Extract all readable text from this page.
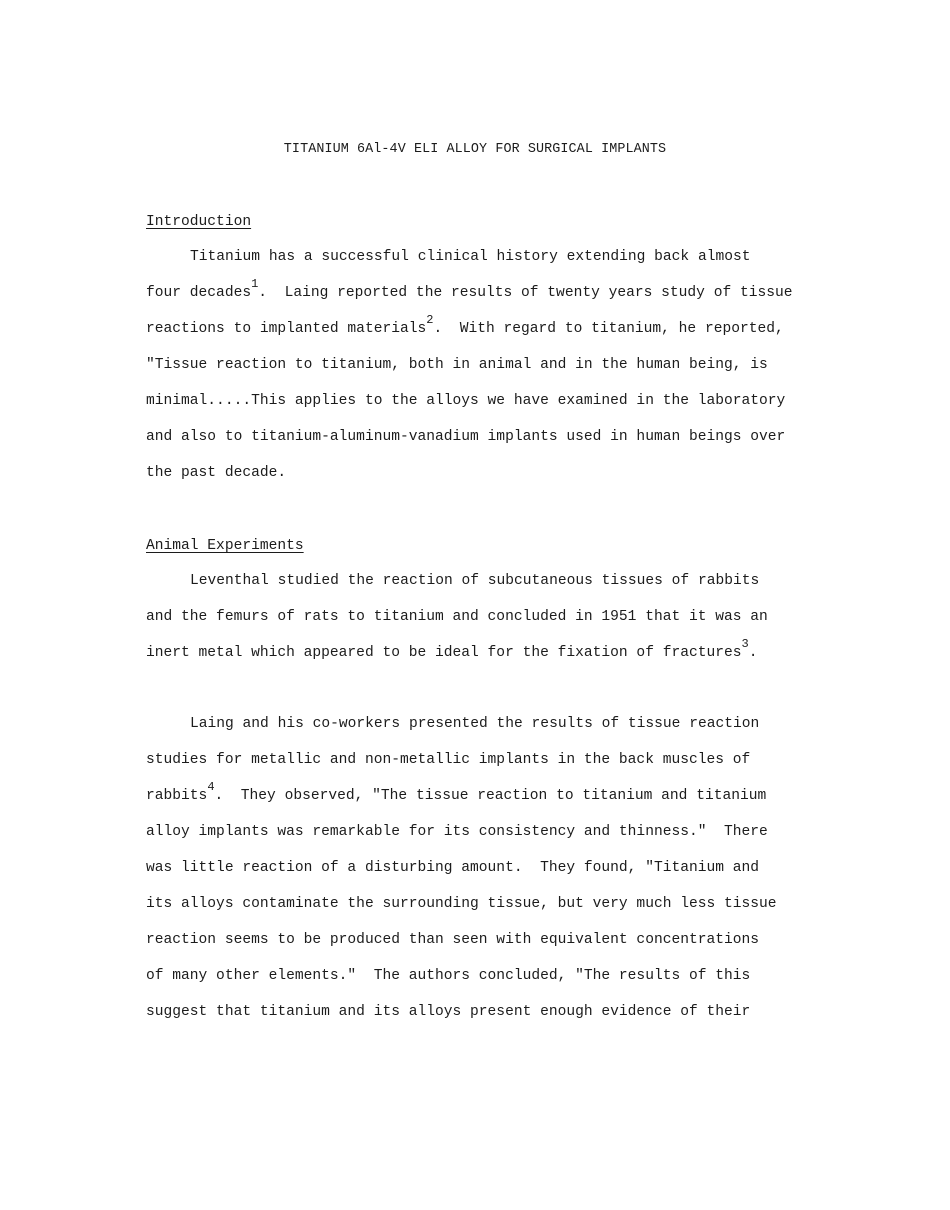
TITANIUM 6Al-4V ELI ALLOY FOR SURGICAL IMPLANTS
Introduction
Titanium has a successful clinical history extending back almost
four decades$^1$.  Laing reported the results of twenty years study of tissue
reactions to implanted materials$^2$.  With regard to titanium, he reported,
"Tissue reaction to titanium, both in animal and in the human being, is
minimal.....This applies to the alloys we have examined in the laboratory
and also to titanium-aluminum-vanadium implants used in human beings over
the past decade.
Animal Experiments
Leventhal studied the reaction of subcutaneous tissues of rabbits
and the femurs of rats to titanium and concluded in 1951 that it was an
inert metal which appeared to be ideal for the fixation of fractures$^3$.
Laing and his co-workers presented the results of tissue reaction
studies for metallic and non-metallic implants in the back muscles of
rabbits$^4$.  They observed, "The tissue reaction to titanium and titanium
alloy implants was remarkable for its consistency and thinness."  There
was little reaction of a disturbing amount.  They found, "Titanium and
its alloys contaminate the surrounding tissue, but very much less tissue
reaction seems to be produced than seen with equivalent concentrations
of many other elements."  The authors concluded, "The results of this
suggest that titanium and its alloys present enough evidence of their
